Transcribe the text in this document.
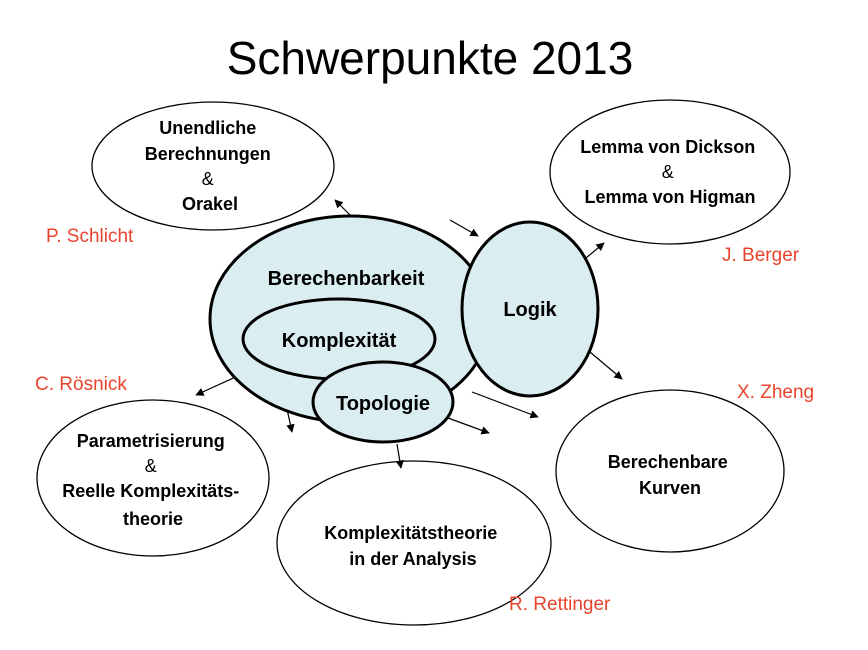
Schwerpunkte 2013
Berechenbarkeit
Komplexität
Topologie
Logik
Unendliche Berechnungen & Orakel
Lemma von Dickson & Lemma von Higman
Parametrisierung & Reelle Komplexitäts- theorie
Komplexitätstheorie in der Analysis
Berechenbare Kurven
P. Schlicht
J. Berger
C. Rösnick	X. Zheng
R. Rettinger
